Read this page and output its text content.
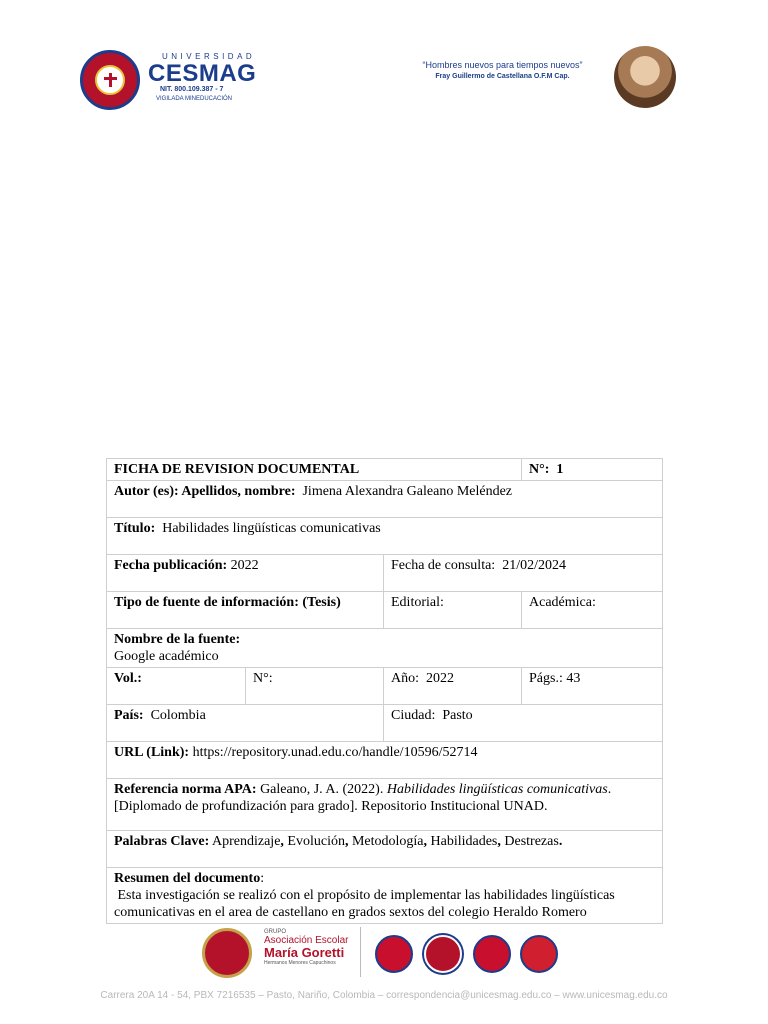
UNIVERSIDAD
CESMAG
NIT. 800.109.387 - 7
VIGILADA MINEDUCACIÓN
“Hombres nuevos para tiempos nuevos”
Fray Guillermo de Castellana O.F.M Cap.
FICHA DE REVISION DOCUMENTAL			N°: 1
Autor (es): Apellidos, nombre: Jimena Alexandra Galeano Meléndez			
Título: Habilidades lingüísticas comunicativas			
Fecha publicación: 2022		Fecha de consulta: 21/02/2024	
Tipo de fuente de información: (Tesis)		Editorial:	Académica:
Nombre de la fuente:
Google académico			
Vol.:	N°:	Año: 2022	Págs.: 43
País: Colombia		Ciudad: Pasto	
URL (Link): https://repository.unad.edu.co/handle/10596/52714			
Referencia norma APA: Galeano, J. A. (2022). Habilidades lingüísticas comunicativas. [Diplomado de profundización para grado]. Repositorio Institucional UNAD.			
Palabras Clave: Aprendizaje, Evolución, Metodología, Habilidades, Destrezas.			
Resumen del documento:
Esta investigación se realizó con el propósito de implementar las habilidades lingüísticas comunicativas en el area de castellano en grados sextos del colegio Heraldo Romero			
GRUPO
Asociación Escolar
María Goretti
Hermanos Menores Capuchinos
Carrera 20A 14 - 54, PBX 7216535 – Pasto, Nariño, Colombia – correspondencia@unicesmag.edu.co – www.unicesmag.edu.co
